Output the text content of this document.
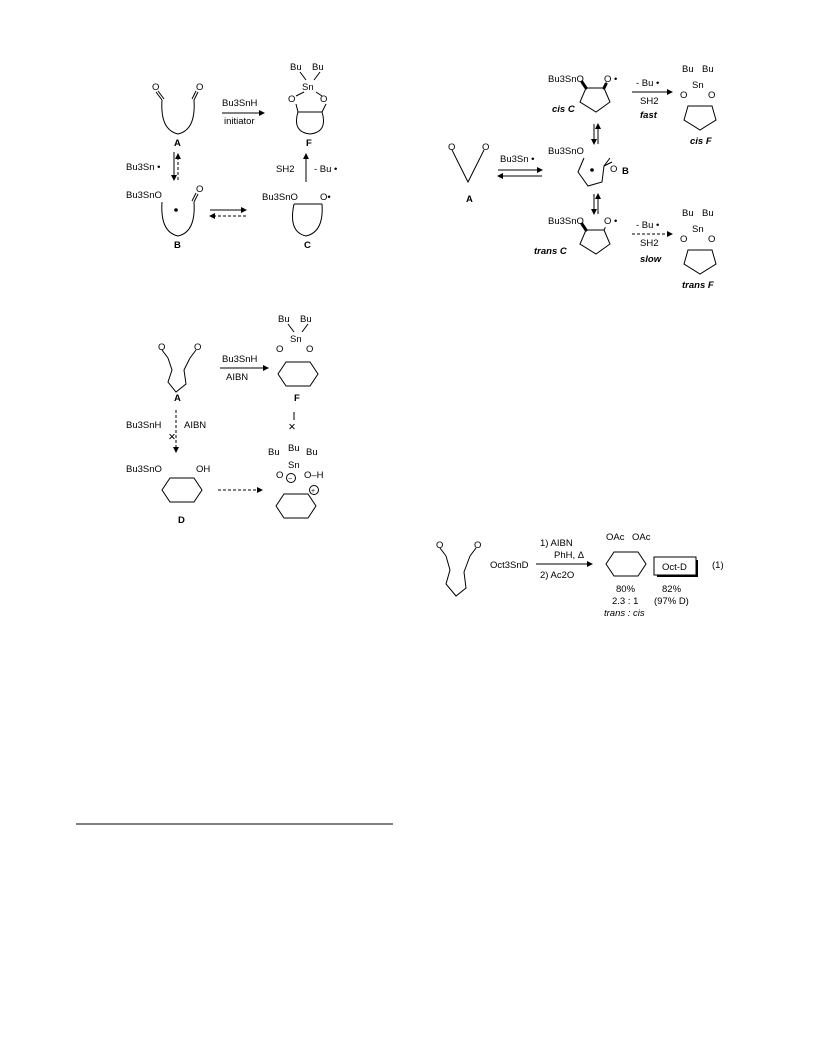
O	O
A
Bu3SnH
initiator
Bu Bu
Sn
O	O
F
Bu3Sn •	SH2 - Bu •
Bu3SnO
O
B
Bu3SnO O•
C
O	O
A
Bu3SnH
AIBN
Bu Bu
Sn
O O
F
✕
Bu3SnH AIBN	✕
Bu3SnO	OH
D
Bu Bu Bu
Sn
O − O–H
+
O	O
A
Bu3Sn •
Bu3SnO
O B
Bu3SnO O •
cis C
- Bu •
SH2
fast
Bu Bu
Sn
O O
cis F
Bu3SnO O •
trans C
- Bu •
SH2
slow
Bu Bu
Sn
O O
trans F
O	O
Oct3SnD
1) AIBN
PhH, Δ
2) Ac2O
OAc OAc
80%
2.3 : 1
trans : cis
Oct-D
82%
(97% D)
(1)
